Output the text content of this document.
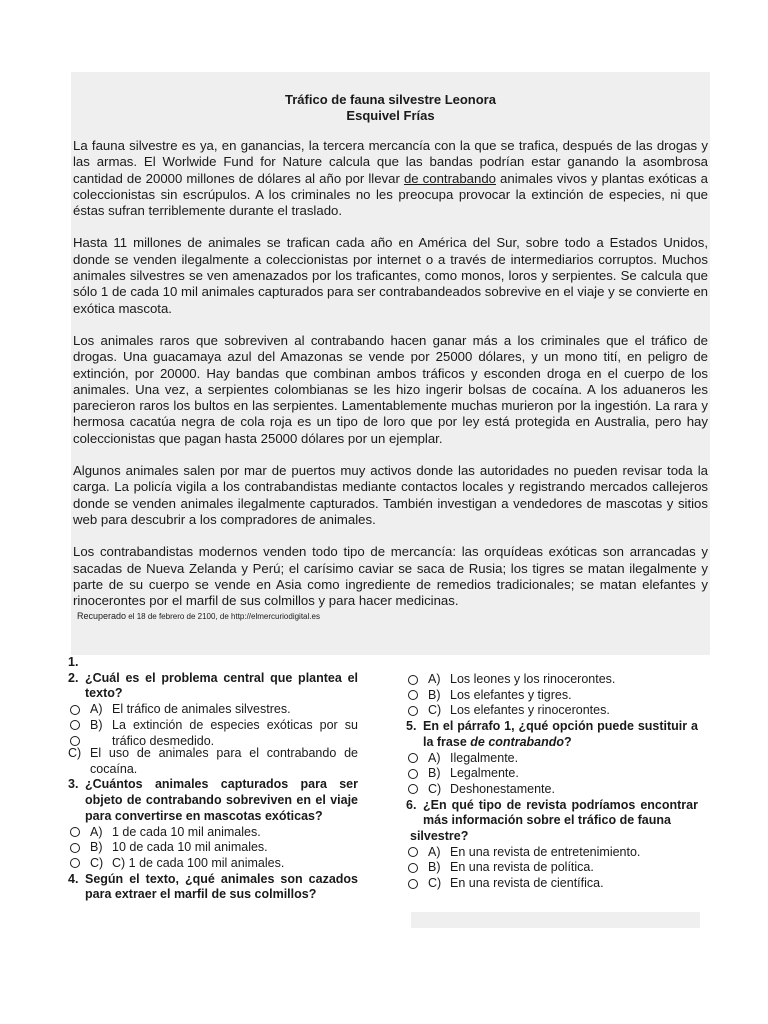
Tráfico de fauna silvestre Leonora
Esquivel Frías

La fauna silvestre es ya, en ganancias, la tercera mercancía con la que se trafica, después de las drogas y las armas. El Worlwide Fund for Nature calcula que las bandas podrían estar ganando la asombrosa cantidad de 20000 millones de dólares al año por llevar de contrabando animales vivos y plantas exóticas a coleccionistas sin escrúpulos. A los criminales no les preocupa provocar la extinción de especies, ni que éstas sufran terriblemente durante el traslado.

Hasta 11 millones de animales se trafican cada año en América del Sur, sobre todo a Estados Unidos, donde se venden ilegalmente a coleccionistas por internet o a través de intermediarios corruptos. Muchos animales silvestres se ven amenazados por los traficantes, como monos, loros y serpientes. Se calcula que sólo 1 de cada 10 mil animales capturados para ser contrabandeados sobrevive en el viaje y se convierte en exótica mascota.

Los animales raros que sobreviven al contrabando hacen ganar más a los criminales que el tráfico de drogas. Una guacamaya azul del Amazonas se vende por 25000 dólares, y un mono tití, en peligro de extinción, por 20000. Hay bandas que combinan ambos tráficos y esconden droga en el cuerpo de los animales. Una vez, a serpientes colombianas se les hizo ingerir bolsas de cocaína. A los aduaneros les parecieron raros los bultos en las serpientes. Lamentablemente muchas murieron por la ingestión. La rara y hermosa cacatúa negra de cola roja es un tipo de loro que por ley está protegida en Australia, pero hay coleccionistas que pagan hasta 25000 dólares por un ejemplar.

Algunos animales salen por mar de puertos muy activos donde las autoridades no pueden revisar toda la carga. La policía vigila a los contrabandistas mediante contactos locales y registrando mercados callejeros donde se venden animales ilegalmente capturados. También investigan a vendedores de mascotas y sitios web para descubrir a los compradores de animales.

Los contrabandistas modernos venden todo tipo de mercancía: las orquídeas exóticas son arrancadas y sacadas de Nueva Zelanda y Perú; el carísimo caviar se saca de Rusia; los tigres se matan ilegalmente y parte de su cuerpo se vende en Asia como ingrediente de remedios tradicionales; se matan elefantes y rinocerontes por el marfil de sus colmillos y para hacer medicinas.

Recuperado el 18 de febrero de 2100, de http://elmercuriodigital.es
1.
2. ¿Cuál es el problema central que plantea el texto?
A) El tráfico de animales silvestres.
B) La extinción de especies exóticas por su tráfico desmedido.
C) El uso de animales para el contrabando de cocaína.
3. ¿Cuántos animales capturados para ser objeto de contrabando sobreviven en el viaje para convertirse en mascotas exóticas?
A) 1 de cada 10 mil animales.
B) 10 de cada 10 mil animales.
C) C) 1 de cada 100 mil animales.
4. Según el texto, ¿qué animales son cazados para extraer el marfil de sus colmillos?
A) Los leones y los rinocerontes.
B) Los elefantes y tigres.
C) Los elefantes y rinocerontes.
5. En el párrafo 1, ¿qué opción puede sustituir a la frase de contrabando?
A) Ilegalmente.
B) Legalmente.
C) Deshonestamente.
6. ¿En qué tipo de revista podríamos encontrar más información sobre el tráfico de fauna
silvestre?
A) En una revista de entretenimiento.
B) En una revista de política.
C) En una revista de científica.
